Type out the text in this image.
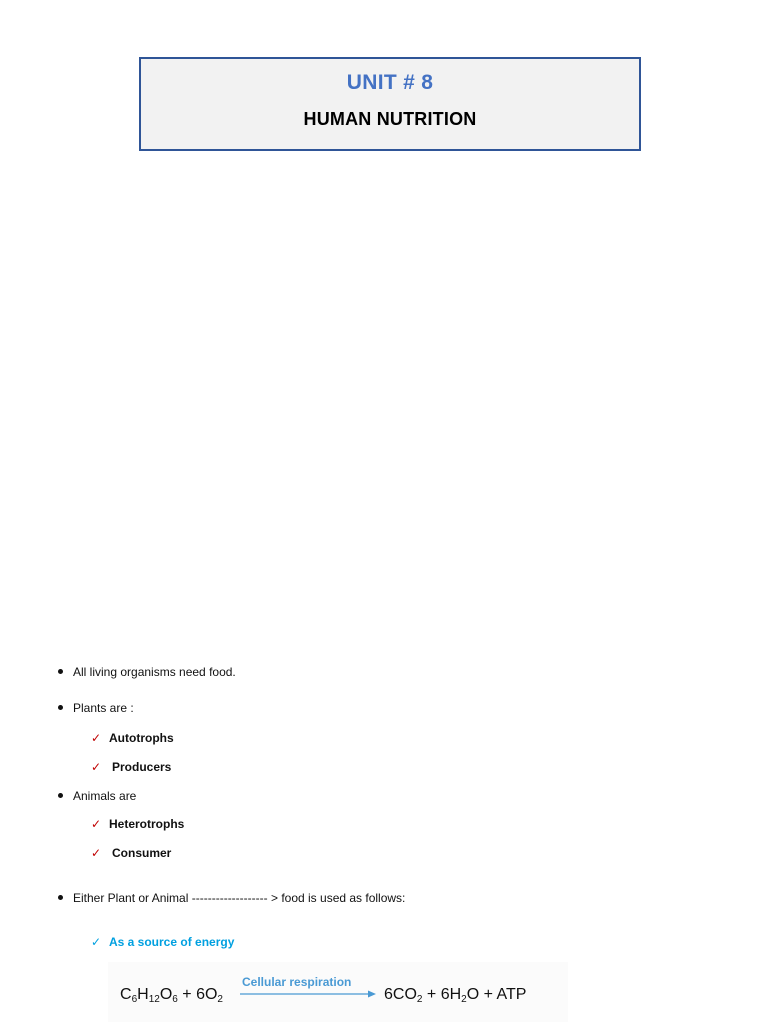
UNIT # 8
HUMAN NUTRITION
All living organisms need food.
Plants are :
✓ Autotrophs
✓ Producers
Animals are
✓ Heterotrophs
✓ Consumer
Either Plant or Animal ------------------- > food is used as follows:
✓ As a source of energy
$C_6H_{12}O_6 + 6O_2$
Cellular respiration
$6CO_2 + 6H_2O$ + ATP
